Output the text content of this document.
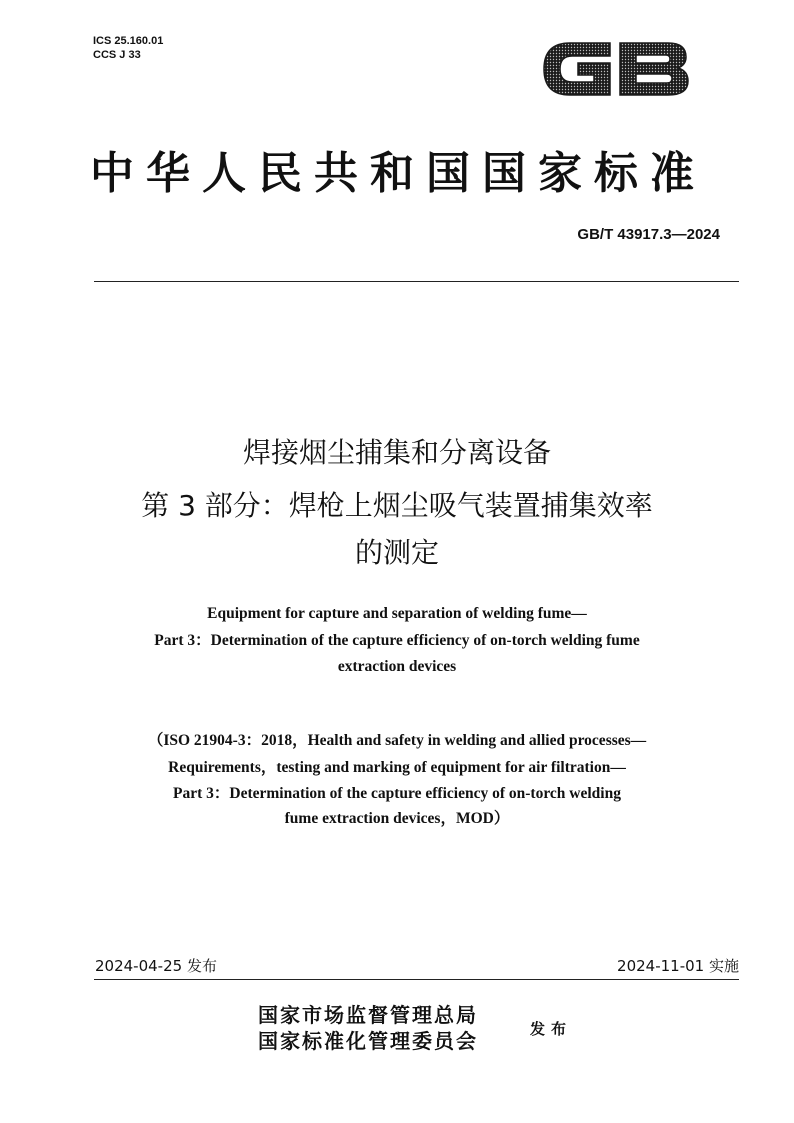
ICS 25.160.01
CCS J 33
GB
中华人民共和国国家标准
GB/T 43917.3—2024
焊接烟尘捕集和分离设备
第 3 部分：焊枪上烟尘吸气装置捕集效率
的测定
Equipment for capture and separation of welding fume—
Part 3：Determination of the capture efficiency of on-torch welding fume
extraction devices
（ISO 21904-3：2018，Health and safety in welding and allied processes—
Requirements，testing and marking of equipment for air filtration—
Part 3：Determination of the capture efficiency of on-torch welding
fume extraction devices，MOD）
2024-04-25 发布	2024-11-01 实施
国家市场监督管理总局
国家标准化管理委员会	发布
